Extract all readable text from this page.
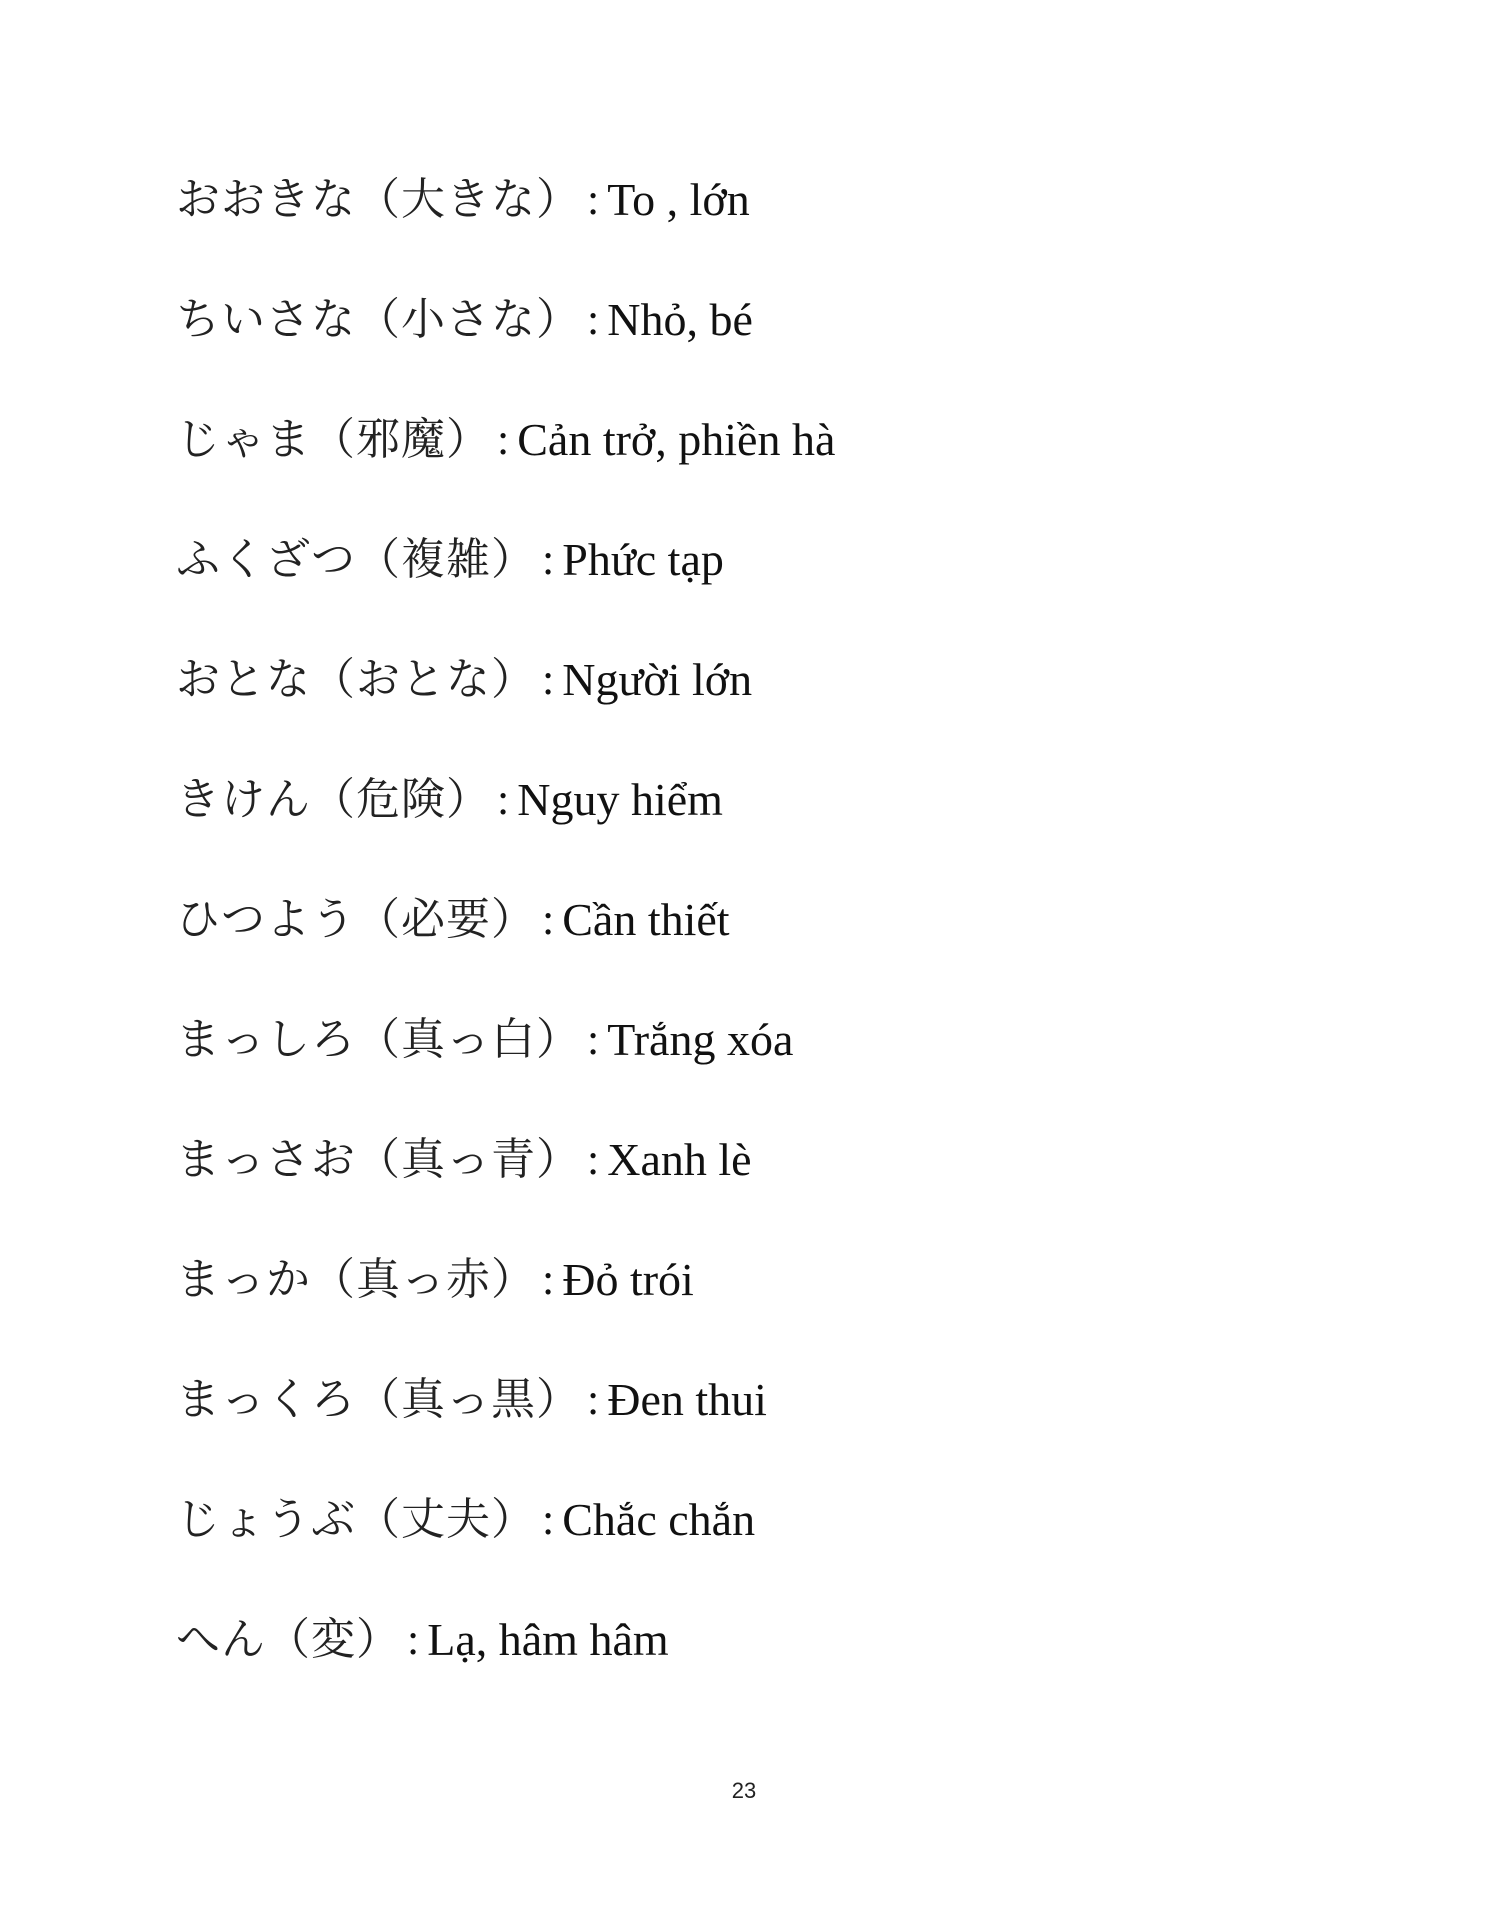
おおきな（大きな） : To , lớn
ちいさな（小さな） : Nhỏ, bé
じゃま（邪魔） : Cản trở, phiền hà
ふくざつ（複雑） : Phức tạp
おとな（おとな） : Người lớn
きけん（危険） : Nguy hiểm
ひつよう（必要） : Cần thiết
まっしろ（真っ白） : Trắng xóa
まっさお（真っ青） : Xanh lè
まっか（真っ赤） : Đỏ trói
まっくろ（真っ黒） : Đen thui
じょうぶ（丈夫） : Chắc chắn
へん（変） : Lạ, hâm hâm
23
